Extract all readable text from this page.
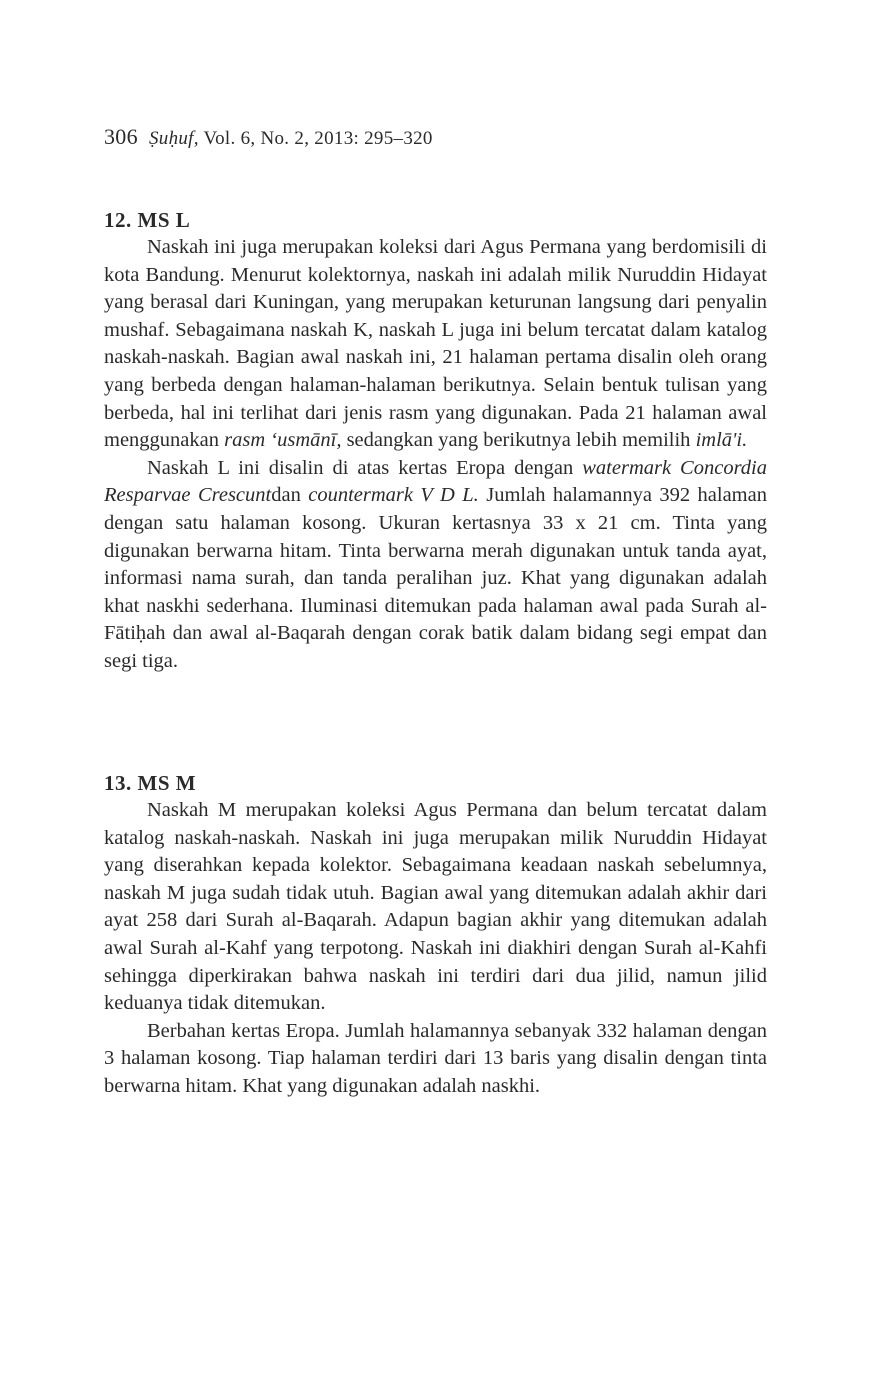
306 Ṣuḥuf, Vol. 6, No. 2, 2013: 295–320
12. MS L

Naskah ini juga merupakan koleksi dari Agus Permana yang berdomisili di kota Bandung. Menurut kolektornya, naskah ini adalah milik Nuruddin Hidayat yang berasal dari Kuningan, yang merupakan keturunan langsung dari penyalin mushaf. Sebagaimana naskah K, naskah L juga ini belum tercatat dalam katalog naskah-naskah. Bagian awal naskah ini, 21 halaman pertama disalin oleh orang yang berbeda dengan halaman-halaman berikutnya. Selain bentuk tulisan yang berbeda, hal ini terlihat dari jenis rasm yang digunakan. Pada 21 halaman awal menggunakan rasm ‘usmānī, sedangkan yang berikutnya lebih memilih imlā'i.

Naskah L ini disalin di atas kertas Eropa dengan watermark Concordia Resparvae Crescuntdan countermark V D L. Jumlah halamannya 392 halaman dengan satu halaman kosong. Ukuran kertasnya 33 x 21 cm. Tinta yang digunakan berwarna hitam. Tinta berwarna merah digunakan untuk tanda ayat, informasi nama surah, dan tanda peralihan juz. Khat yang digunakan adalah khat naskhi sederhana. Iluminasi ditemukan pada halaman awal pada Surah al-Fātiḥah dan awal al-Baqarah dengan corak batik dalam bidang segi empat dan segi tiga.

13. MS M

Naskah M merupakan koleksi Agus Permana dan belum tercatat dalam katalog naskah-naskah. Naskah ini juga merupakan milik Nuruddin Hidayat yang diserahkan kepada kolektor. Sebagaimana keadaan naskah sebelumnya, naskah M juga sudah tidak utuh. Bagian awal yang ditemukan adalah akhir dari ayat 258 dari Surah al-Baqarah. Adapun bagian akhir yang ditemukan adalah awal Surah al-Kahf yang terpotong. Naskah ini diakhiri dengan Surah al-Kahfi sehingga diperkirakan bahwa naskah ini terdiri dari dua jilid, namun jilid keduanya tidak ditemukan.

Berbahan kertas Eropa. Jumlah halamannya sebanyak 332 halaman dengan 3 halaman kosong. Tiap halaman terdiri dari 13 baris yang disalin dengan tinta berwarna hitam. Khat yang digunakan adalah naskhi.
